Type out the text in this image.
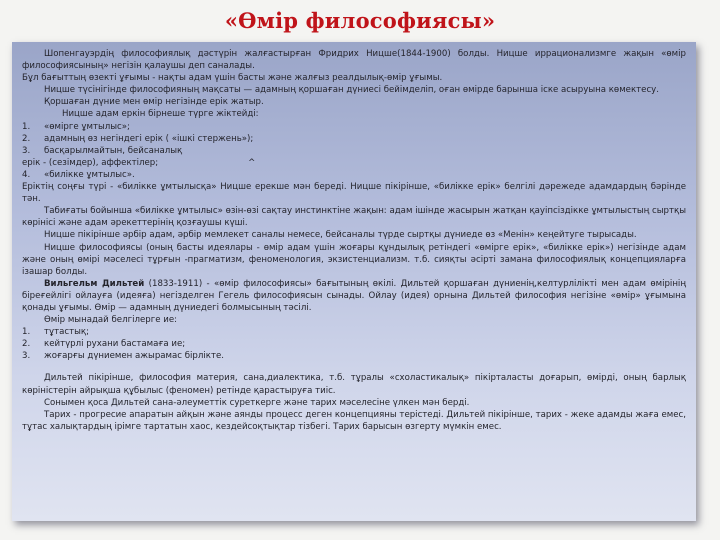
«Өмір философиясы»

Шопенгауэрдің философиялық дәстүрін жалғастырған Фридрих Ницше(1844-1900) болды. Ницше иррационализмге жақын «өмір философиясының» негізін қалаушы деп саналады.

Бұл бағыттың өзекті ұғымы - нақты адам үшін басты және жалғыз реалдылық-өмір ұғымы.

Ницше түсінігінде философияның мақсаты — адамның қоршаған дүниесі бейімделіп, оған өмірде барынша іске асыруына көмектесу.

Қоршаған дүние мен өмір негізінде ерік жатыр.

Ницше адам еркін бірнеше түрге жіктейді:

1. «өмірге ұмтылыс»;

2. адамның өз негіндегі ерік ( «ішкі стержень»);

3. басқарылмайтын, бейсаналық

ерік - (сезімдер), аффектілер;	^

4. «билікке ұмтылыс».

Еріктің соңғы түрі - «билікке ұмтылысқа» Ницше ерекше мән береді. Ницше пікірінше, «билікке ерік» белгілі дәрежеде адамдардың бәрінде тән.

Табиғаты бойынша «билікке ұмтылыс» өзін-өзі сақтау инстинктіне жақын: адам ішінде жасырын жатқан қауіпсіздікке ұмтылыстың сыртқы көрінісі және адам әрекеттерінің қозғаушы күші.

Ницше пікірінше әрбір адам, әрбір мемлекет саналы немесе, бейсаналы түрде сыртқы дүниеде өз «Менін» кеңейтуге тырысады.

Ницше философиясы (оның басты идеялары - өмір адам үшін жоғары құндылық ретіндегі «өмірге ерік», «билікке ерік») негізінде адам және оның өмірі мәселесі тұрғын -прагматизм, феноменология, экзистенциализм. т.б. сияқты әсірті замана философиялық концепцияларға ізашар болды.

Вильгельм Дильтей (1833-1911) - «өмір философиясы» бағытының өкілі. Дильтей қоршаған дүниенің,келтурлілікті мен адам өмірінің біреғейлігі ойлауға (идеяға) негізделген Гегель философиясын сынады. Ойлау (идея) орнына Дильтей философия негізіне «өмір» ұғымына қонады ұғымы. Өмір — адамның дүниедегі болмысының тәсілі.

Өмір мынадай белгілерге ие:

1. тұтастық;

2. кейтүрлі рухани бастамаға ие;

3. жоғарғы дүниемен ажырамас бірлікте.

Дильтей пікірінше, философия материя, сана,диалектика, т.б. тұралы «схоластикалық» пікірталасты доғарып, өмірді, оның барлық көріністерін айрықша құбылыс (феномен) ретінде қарастыруға тиіс.

Сонымен қоса Дильтей сана-әлеуметтік суреткерге және тарих мәселесіне үлкен мән берді.

Тарих - прогресие апаратын айқын және аянды процесс деген концепцияны терістеді. Дильтей пікірінше, тарих - жеке адамды жаға емес, тұтас халықтардың ірімге тартатын хаос, кездейсоқтықтар тізбегі. Тарих барысын өзгерту мүмкін емес.
